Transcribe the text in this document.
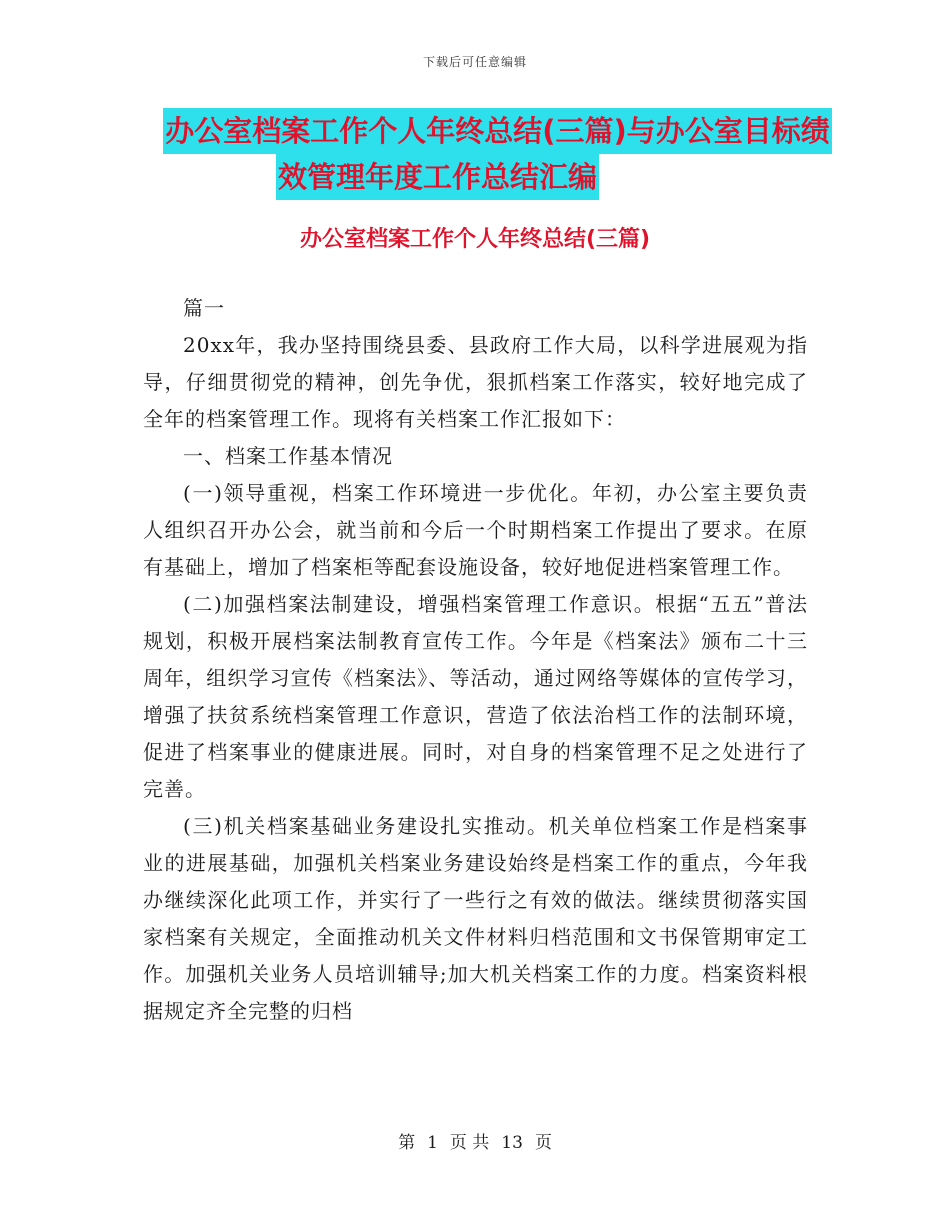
下载后可任意编辑
办公室档案工作个人年终总结(三篇)与办公室目标绩
效管理年度工作总结汇编
办公室档案工作个人年终总结(三篇)

篇一

20xx年，我办坚持围绕县委、县政府工作大局，以科学进展观为指导，仔细贯彻党的精神，创先争优，狠抓档案工作落实，较好地完成了全年的档案管理工作。现将有关档案工作汇报如下：

一、档案工作基本情况

(一)领导重视，档案工作环境进一步优化。年初，办公室主要负责人组织召开办公会，就当前和今后一个时期档案工作提出了要求。在原有基础上，增加了档案柜等配套设施设备，较好地促进档案管理工作。

(二)加强档案法制建设，增强档案管理工作意识。根据“五五”普法规划，积极开展档案法制教育宣传工作。今年是《档案法》颁布二十三周年，组织学习宣传《档案法》、等活动，通过网络等媒体的宣传学习，增强了扶贫系统档案管理工作意识，营造了依法治档工作的法制环境，促进了档案事业的健康进展。同时，对自身的档案管理不足之处进行了完善。

(三)机关档案基础业务建设扎实推动。机关单位档案工作是档案事业的进展基础，加强机关档案业务建设始终是档案工作的重点，今年我办继续深化此项工作，并实行了一些行之有效的做法。继续贯彻落实国家档案有关规定，全面推动机关文件材料归档范围和文书保管期审定工作。加强机关业务人员培训辅导;加大机关档案工作的力度。档案资料根据规定齐全完整的归档

第 1 页 共 13 页
